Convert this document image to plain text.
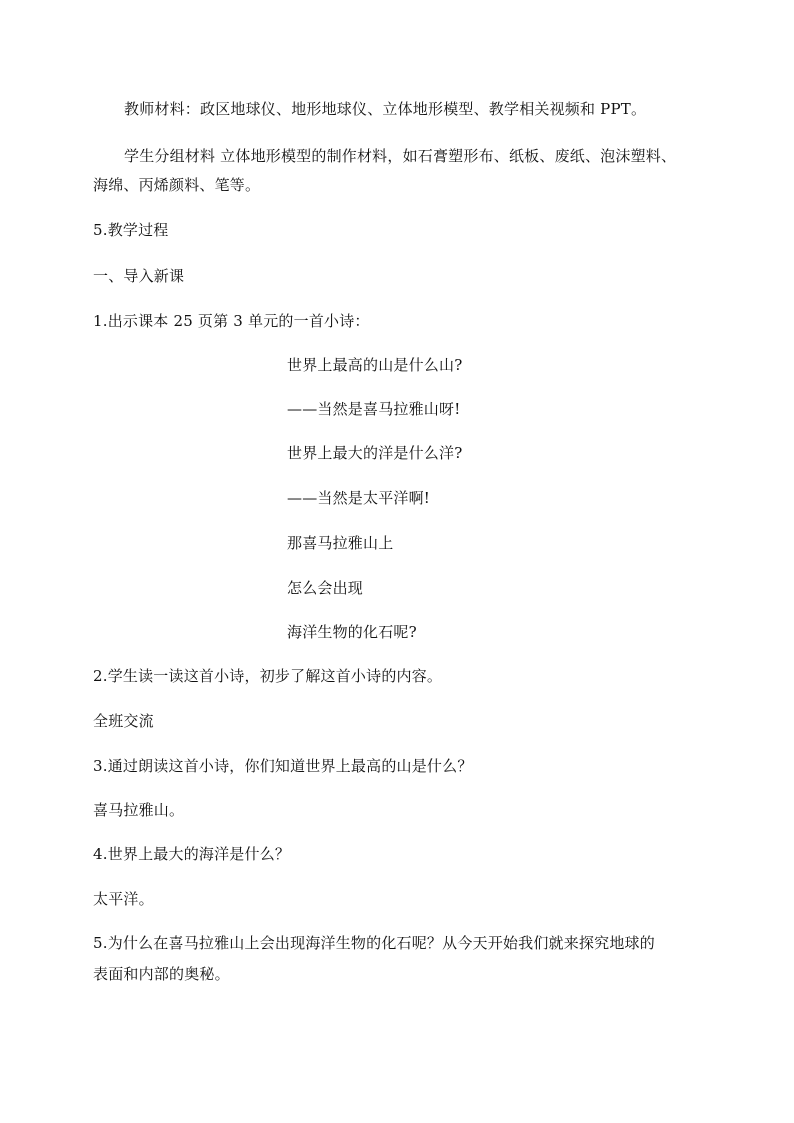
教师材料：政区地球仪、地形地球仪、立体地形模型、教学相关视频和 PPT。
学生分组材料 立体地形模型的制作材料，如石膏塑形布、纸板、废纸、泡沫塑料、
海绵、丙烯颜料、笔等。
5.教学过程
一、导入新课
1.出示课本 25 页第 3 单元的一首小诗：
世界上最高的山是什么山?
——当然是喜马拉雅山呀!
世界上最大的洋是什么洋?
——当然是太平洋啊!
那喜马拉雅山上
怎么会出现
海洋生物的化石呢?
2.学生读一读这首小诗，初步了解这首小诗的内容。
全班交流
3.通过朗读这首小诗，你们知道世界上最高的山是什么？
喜马拉雅山。
4.世界上最大的海洋是什么？
太平洋。
5.为什么在喜马拉雅山上会出现海洋生物的化石呢？从今天开始我们就来探究地球的
表面和内部的奥秘。
